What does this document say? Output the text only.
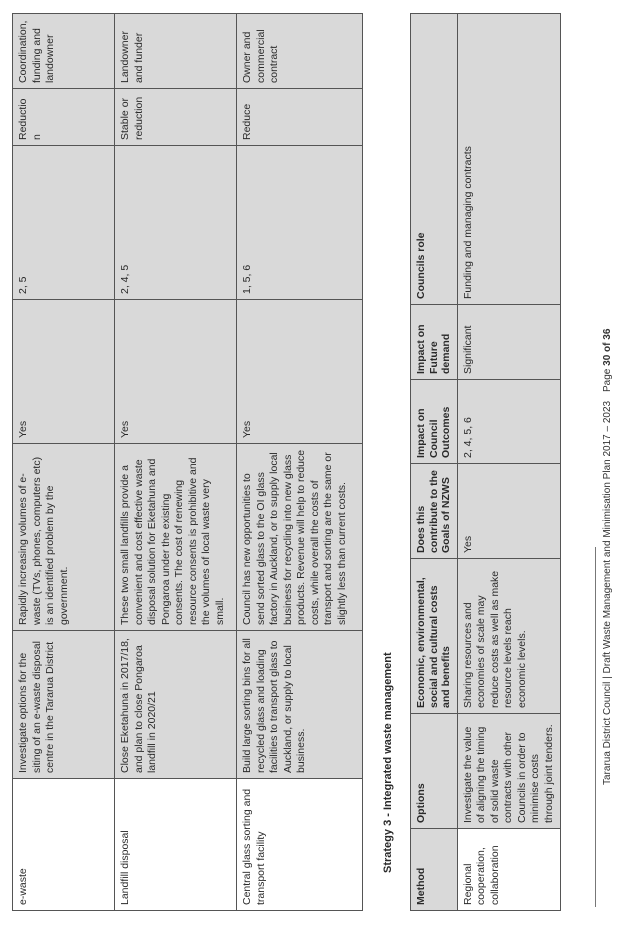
e-waste	Investigate options for the siting of an e-waste disposal centre in the Tararua District	Rapidly increasing volumes of e-waste (TVs, phones, computers etc) is an identified problem by the government.	Yes	2, 5	Reduction	Coordination, funding and landowner
Landfill disposal	Close Eketahuna in 2017/18, and plan to close Pongaroa landfill in 2020/21	These two small landfills provide a convenient and cost effective waste disposal solution for Eketahuna and Pongaroa under the existing consents. The cost of renewing resource consents is prohibitive and the volumes of local waste very small.	Yes	2, 4, 5	Stable or reduction	Landowner and funder
Central glass sorting and transport facility	Build large sorting bins for all recycled glass and loading facilities to transport glass to Auckland, or supply to local business.	Council has new opportunities to send sorted glass to the OI glass factory in Auckland, or to supply local business for recycling into new glass products. Revenue will help to reduce costs, while overall the costs of transport and sorting are the same or slightly less than current costs.	Yes	1, 5, 6	Reduce	Owner and commercial contract
Strategy 3 - Integrated waste management
Method	Options	Economic, environmental, social and cultural costs and benefits	Does this contribute to the Goals of NZWS	Impact on Council Outcomes	Impact on Future demand	Councils role
Regional cooperation, collaboration	Investigate the value of aligning the timing of solid waste contracts with other Councils in order to minimise costs through joint tenders.	Sharing resources and economies of scale may reduce costs as well as make resource levels reach economic levels.	Yes	2, 4, 5, 6	Significant	Funding and managing contracts
Tararua District Council | Draft Waste Management and Minimisation Plan 2017 – 2023
Page 30 of 36
